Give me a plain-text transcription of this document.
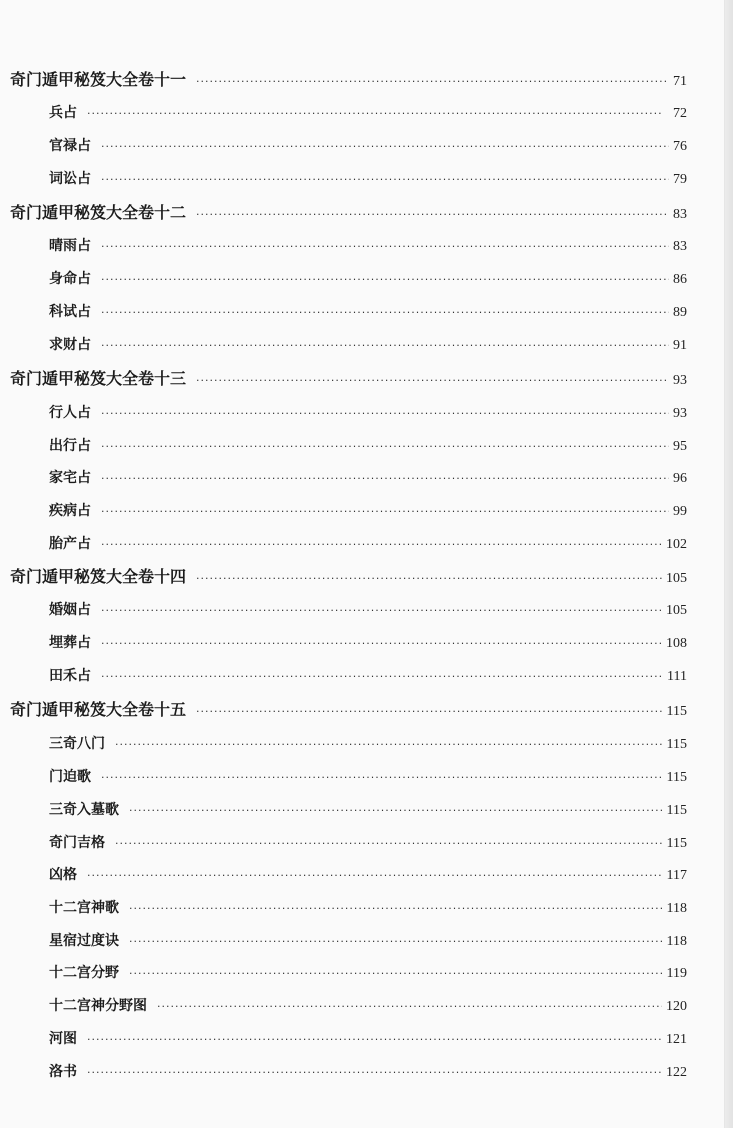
奇门遁甲秘笈大全卷十一 ·····	71
兵占 ·····	72
官禄占 ·····	76
词讼占 ·····	79
奇门遁甲秘笈大全卷十二 ·····	83
晴雨占 ·····	83
身命占 ·····	86
科试占 ·····	89
求财占 ·····	91
奇门遁甲秘笈大全卷十三 ·····	93
行人占 ·····	93
出行占 ·····	95
家宅占 ·····	96
疾病占 ·····	99
胎产占 ·····	102
奇门遁甲秘笈大全卷十四 ·····	105
婚姻占 ·····	105
埋葬占 ·····	108
田禾占 ·····	111
奇门遁甲秘笈大全卷十五 ·····	115
三奇八门 ·····	115
门迫歌 ·····	115
三奇入墓歌 ·····	115
奇门吉格 ·····	115
凶格 ·····	117
十二宫神歌 ·····	118
星宿过度诀 ·····	118
十二宫分野 ·····	119
十二宫神分野图 ·····	120
河图 ·····	121
洛书 ·····	122
